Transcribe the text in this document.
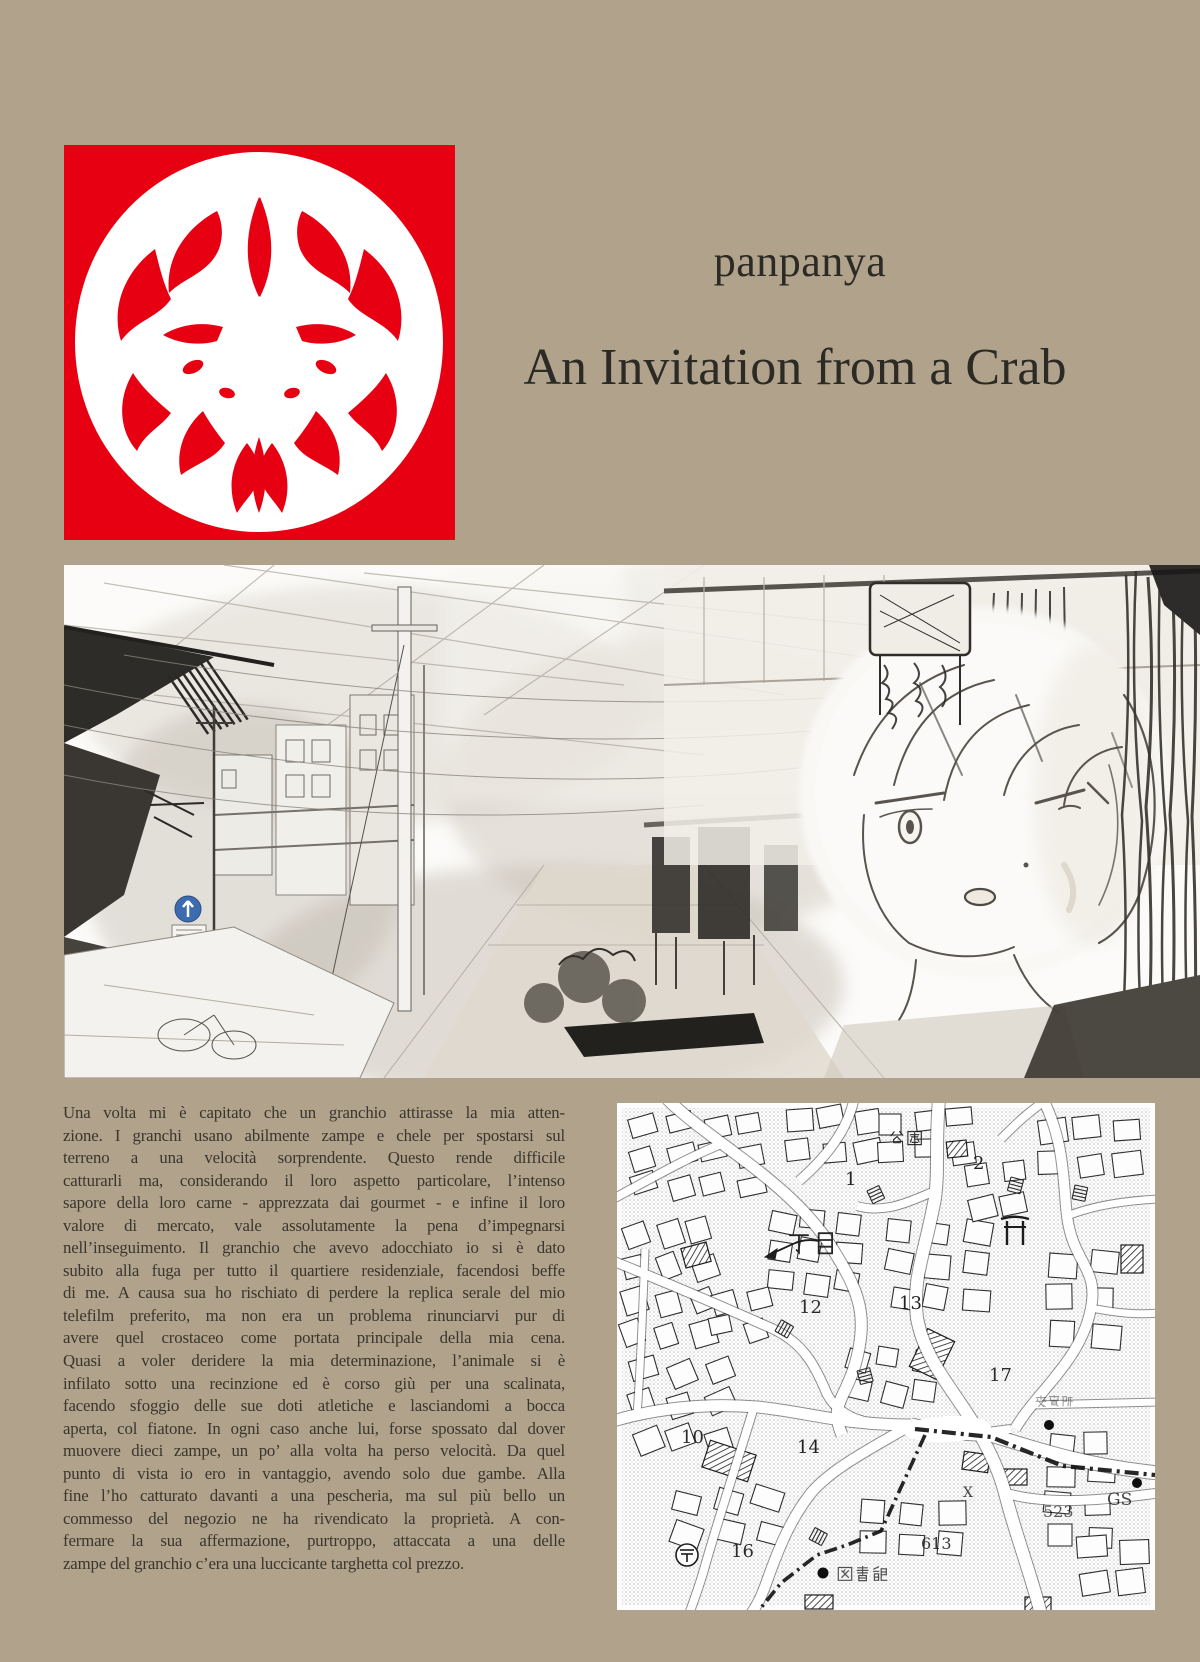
panpanya
An Invitation from a Crab
Una volta mi è capitato che un granchio attirasse la mia atten-
zione. I granchi usano abilmente zampe e chele per spostarsi sul
terreno a una velocità sorprendente. Questo rende difficile
catturarli ma, considerando il loro aspetto particolare, l’intenso
sapore della loro carne - apprezzata dai gourmet - e infine il loro
valore di mercato, vale assolutamente la pena d’impegnarsi
nell’inseguimento. Il granchio che avevo adocchiato io si è dato
subito alla fuga per tutto il quartiere residenziale, facendosi beffe
di me. A causa sua ho rischiato di perdere la replica serale del mio
telefilm preferito, ma non era un problema rinunciarvi pur di
avere quel crostaceo come portata principale della mia cena.
Quasi a voler deridere la mia determinazione, l’animale si è
infilato sotto una recinzione ed è corso giù per una scalinata,
facendo sfoggio delle sue doti atletiche e lasciandomi a bocca
aperta, col fiatone. In ogni caso anche lui, forse spossato dal dover
muovere dieci zampe, un po’ alla volta ha perso velocità. Da quel
punto di vista io ero in vantaggio, avendo solo due gambe. Alla
fine l’ho catturato davanti a una pescheria, ma sul più bello un
commesso del negozio ne ha rivendicato la proprietà. A con-
fermare la sua affermazione, purtroppo, attaccata a una delle
zampe del granchio c’era una luccicante targhetta col prezzo.
2
1
12	13
17
10	14
X
523
GS
613
16
